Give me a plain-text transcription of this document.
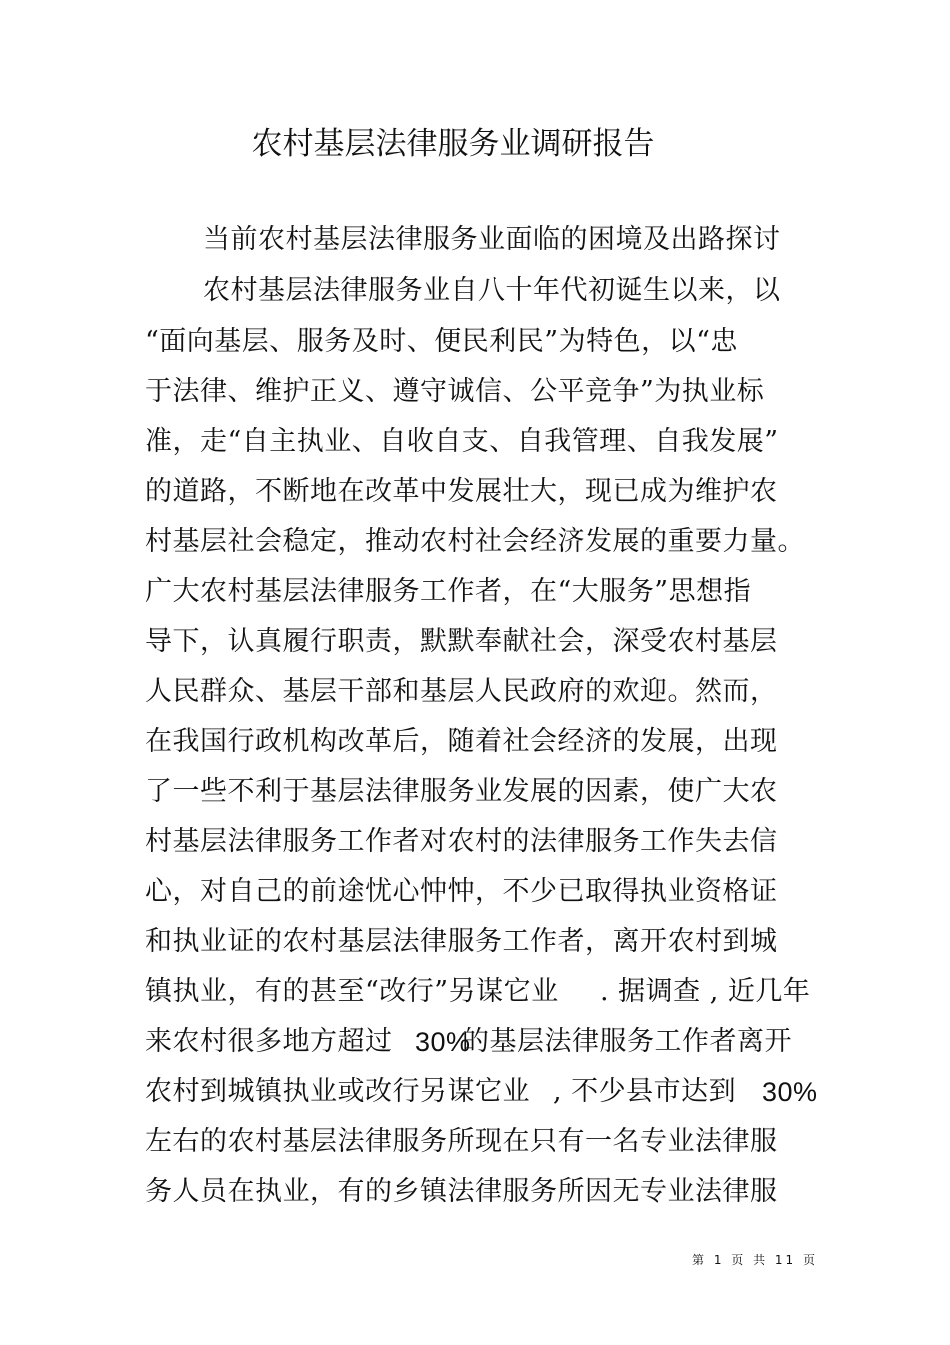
农村基层法律服务业调研报告
当前农村基层法律服务业面临的困境及出路探讨
农村基层法律服务业自八十年代初诞生以来，以
“面向基层、服务及时、便民利民”为特色，以“忠
于法律、维护正义、遵守诚信、公平竞争”为执业标
准，走“自主执业、自收自支、自我管理、自我发展”
的道路，不断地在改革中发展壮大，现已成为维护农
村基层社会稳定，推动农村社会经济发展的重要力量。
广大农村基层法律服务工作者，在“大服务”思想指
导下，认真履行职责，默默奉献社会，深受农村基层
人民群众、基层干部和基层人民政府的欢迎。然而，
在我国行政机构改革后，随着社会经济的发展，出现
了一些不利于基层法律服务业发展的因素，使广大农
村基层法律服务工作者对农村的法律服务工作失去信
心，对自己的前途忧心忡忡，不少已取得执业资格证
和执业证的农村基层法律服务工作者，离开农村到城
镇执业，有的甚至“改行”另谋它业 . 据调查 , 近几年
来农村很多地方超过 30%
的基层法律服务工作者离开
农村到城镇执业或改行另谋它业 , 不少县市达到 30%
左右的农村基层法律服务所现在只有一名专业法律服
务人员在执业，有的乡镇法律服务所因无专业法律服
第 1 页 共 11 页
